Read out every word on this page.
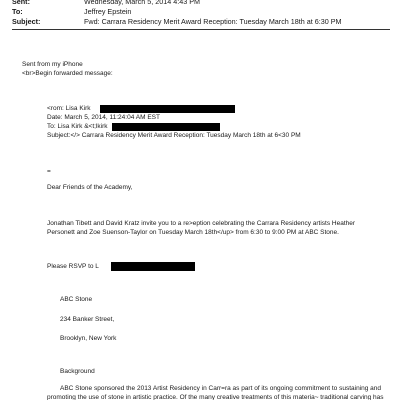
Sent:	Wednesday, March 5, 2014 4:43 PM
To:	Jeffrey Epstein
Subject:	Fwd: Carrara Residency Merit Award Reception: Tuesday March 18th at 6:30 PM
Sent from my iPhone
<br>Begin forwarded message:
<rom: Lisa Kirk
Date: March 5, 2014, 11:24:04 AM EST
To: Lisa Kirk &<t;lkirk
Subject:</> Carrara Residency Merit Award Reception: Tuesday March 18th at 6<30 PM
=
Dear Friends of the Academy,
Jonathan Tibett and David Kratz invite you to a re>eption celebrating the Carrara Residency artists Heather
Personett and Zoe Suenson-Taylor on Tuesday March 18th</up> from 6:30 to 9:00 PM at ABC Stone.
Please RSVP to L
ABC Stone
234 Banker Street,
Brooklyn, New York
Background
ABC Stone sponsored the 2013 Artist Residency in Carr=ra as part of its ongoing commitment to sustaining and
promoting the use of stone in artistic practice. Of the many creative treatments of this materia~ traditional carving has
